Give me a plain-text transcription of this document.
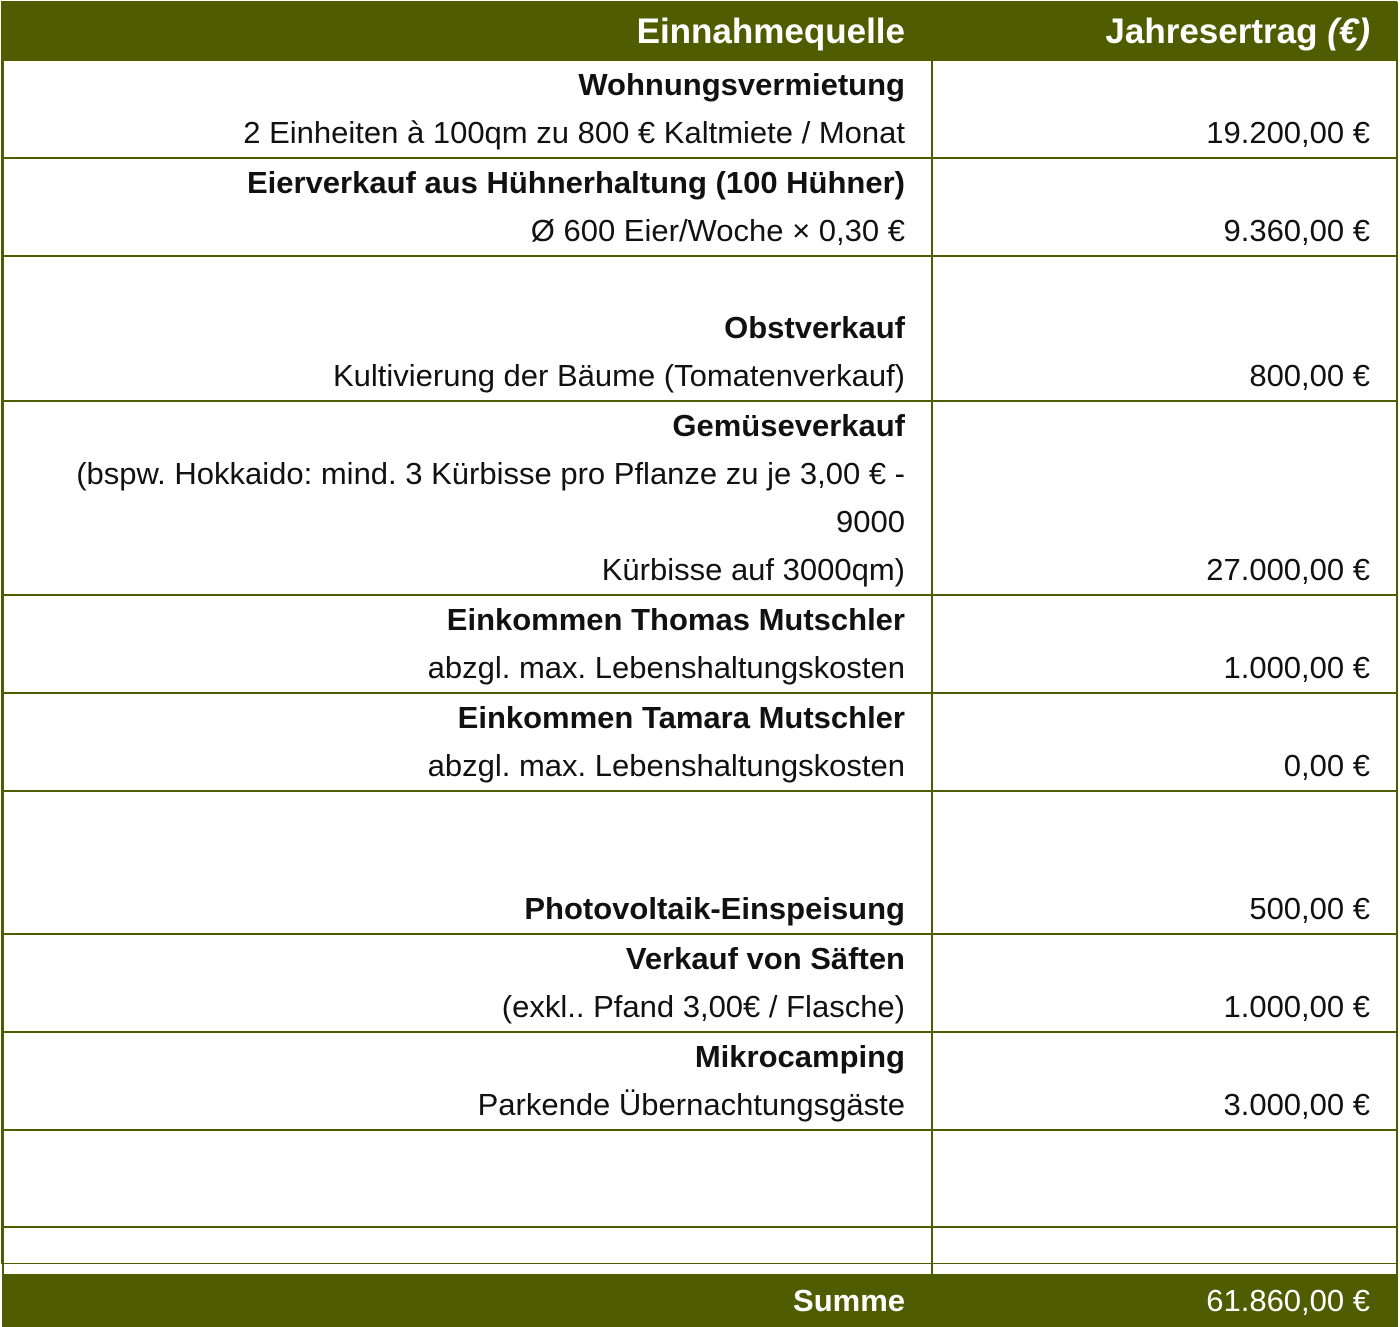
Einnahmequelle	Jahresertrag (€)

Wohnungsvermietung
2 Einheiten à 100qm zu 800 € Kaltmiete / Monat	19.200,00 €

Eierverkauf aus Hühnerhaltung (100 Hühner)
Ø 600 Eier/Woche × 0,30 €	9.360,00 €

Obstverkauf
Kultivierung der Bäume (Tomatenverkauf)	800,00 €

Gemüseverkauf
(bspw. Hokkaido: mind. 3 Kürbisse pro Pflanze zu je 3,00 € - 9000
Kürbisse auf 3000qm)	27.000,00 €

Einkommen Thomas Mutschler
abzgl. max. Lebenshaltungskosten	1.000,00 €

Einkommen Tamara Mutschler
abzgl. max. Lebenshaltungskosten	0,00 €

Photovoltaik-Einspeisung	500,00 €

Verkauf von Säften
(exkl.. Pfand 3,00€ / Flasche)	1.000,00 €

Mikrocamping
Parkende Übernachtungsgäste	3.000,00 €

Summe	61.860,00 €
